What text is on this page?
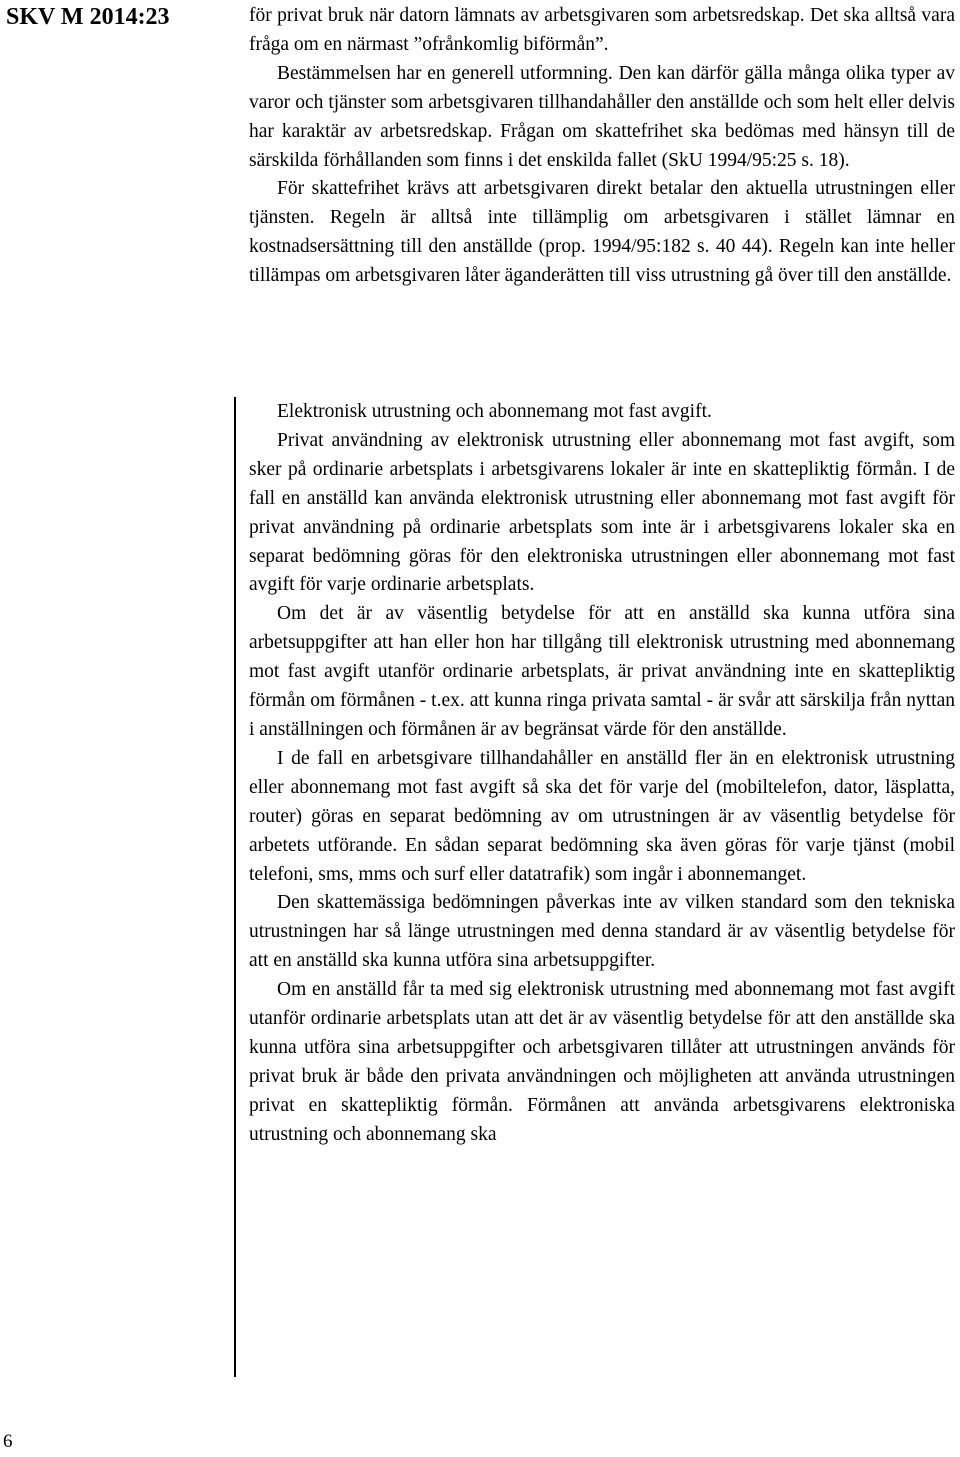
SKV M 2014:23	för privat bruk när datorn lämnats av arbetsgivaren som arbetsredskap. Det ska alltså vara fråga om en närmast ”ofrånkomlig biförmån”.

Bestämmelsen har en generell utformning. Den kan därför gälla många olika typer av varor och tjänster som arbetsgivaren tillhandahåller den anställde och som helt eller delvis har karaktär av arbetsredskap. Frågan om skattefrihet ska bedömas med hänsyn till de särskilda förhållanden som finns i det enskilda fallet (SkU 1994/95:25 s. 18).

För skattefrihet krävs att arbetsgivaren direkt betalar den aktuella utrustningen eller tjänsten. Regeln är alltså inte tillämplig om arbetsgivaren i stället lämnar en kostnadsersättning till den anställde (prop. 1994/95:182 s. 40 44). Regeln kan inte heller tillämpas om arbetsgivaren låter äganderätten till viss utrustning gå över till den anställde.

Elektronisk utrustning och abonnemang mot fast avgift.

Privat användning av elektronisk utrustning eller abonnemang mot fast avgift, som sker på ordinarie arbetsplats i arbetsgivarens lokaler är inte en skattepliktig förmån. I de fall en anställd kan använda elektronisk utrustning eller abonnemang mot fast avgift för privat användning på ordinarie arbetsplats som inte är i arbetsgivarens lokaler ska en separat bedömning göras för den elektroniska utrustningen eller abonnemang mot fast avgift för varje ordinarie arbetsplats.

Om det är av väsentlig betydelse för att en anställd ska kunna utföra sina arbetsuppgifter att han eller hon har tillgång till elektronisk utrustning med abonnemang mot fast avgift utanför ordinarie arbetsplats, är privat användning inte en skattepliktig förmån om förmånen - t.ex. att kunna ringa privata samtal - är svår att särskilja från nyttan i anställningen och förmånen är av begränsat värde för den anställde.

I de fall en arbetsgivare tillhandahåller en anställd fler än en elektronisk utrustning eller abonnemang mot fast avgift så ska det för varje del (mobiltelefon, dator, läsplatta, router) göras en separat bedömning av om utrustningen är av väsentlig betydelse för arbetets utförande. En sådan separat bedömning ska även göras för varje tjänst (mobil telefoni, sms, mms och surf eller datatrafik) som ingår i abonnemanget.

Den skattemässiga bedömningen påverkas inte av vilken standard som den tekniska utrustningen har så länge utrustningen med denna standard är av väsentlig betydelse för att en anställd ska kunna utföra sina arbetsuppgifter.

Om en anställd får ta med sig elektronisk utrustning med abonnemang mot fast avgift utanför ordinarie arbetsplats utan att det är av väsentlig betydelse för att den anställde ska kunna utföra sina arbetsuppgifter och arbetsgivaren tillåter att utrustningen används för privat bruk är både den privata användningen och möjligheten att använda utrustningen privat en skattepliktig förmån. Förmånen att använda arbetsgivarens elektroniska utrustning och abonnemang ska

6
